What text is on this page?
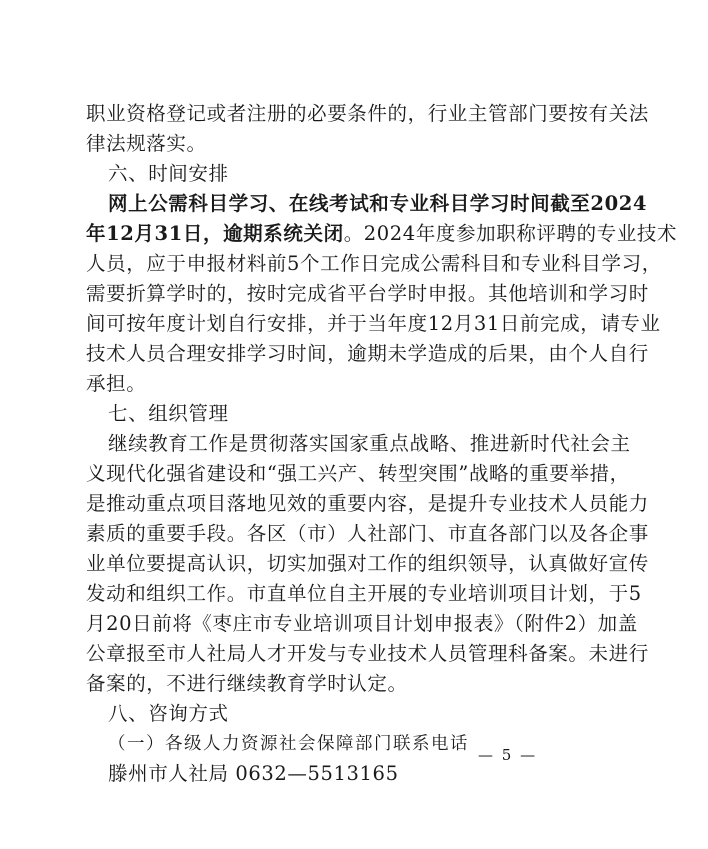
职业资格登记或者注册的必要条件的，行业主管部门要按有关法
律法规落实。
六、时间安排
网上公需科目学习、在线考试和专业科目学习时间截至2024
年12月31日，逾期系统关闭。2024年度参加职称评聘的专业技术
人员，应于申报材料前5个工作日完成公需科目和专业科目学习，
需要折算学时的，按时完成省平台学时申报。其他培训和学习时
间可按年度计划自行安排，并于当年度12月31日前完成，请专业
技术人员合理安排学习时间，逾期未学造成的后果，由个人自行
承担。
七、组织管理
继续教育工作是贯彻落实国家重点战略、推进新时代社会主
义现代化强省建设和“强工兴产、转型突围”战略的重要举措，
是推动重点项目落地见效的重要内容，是提升专业技术人员能力
素质的重要手段。各区（市）人社部门、市直各部门以及各企事
业单位要提高认识，切实加强对工作的组织领导，认真做好宣传
发动和组织工作。市直单位自主开展的专业培训项目计划，于5
月20日前将《枣庄市专业培训项目计划申报表》（附件2）加盖
公章报至市人社局人才开发与专业技术人员管理科备案。未进行
备案的，不进行继续教育学时认定。
八、咨询方式
（一）各级人力资源社会保障部门联系电话
滕州市人社局 0632—5513165
— 5 —
